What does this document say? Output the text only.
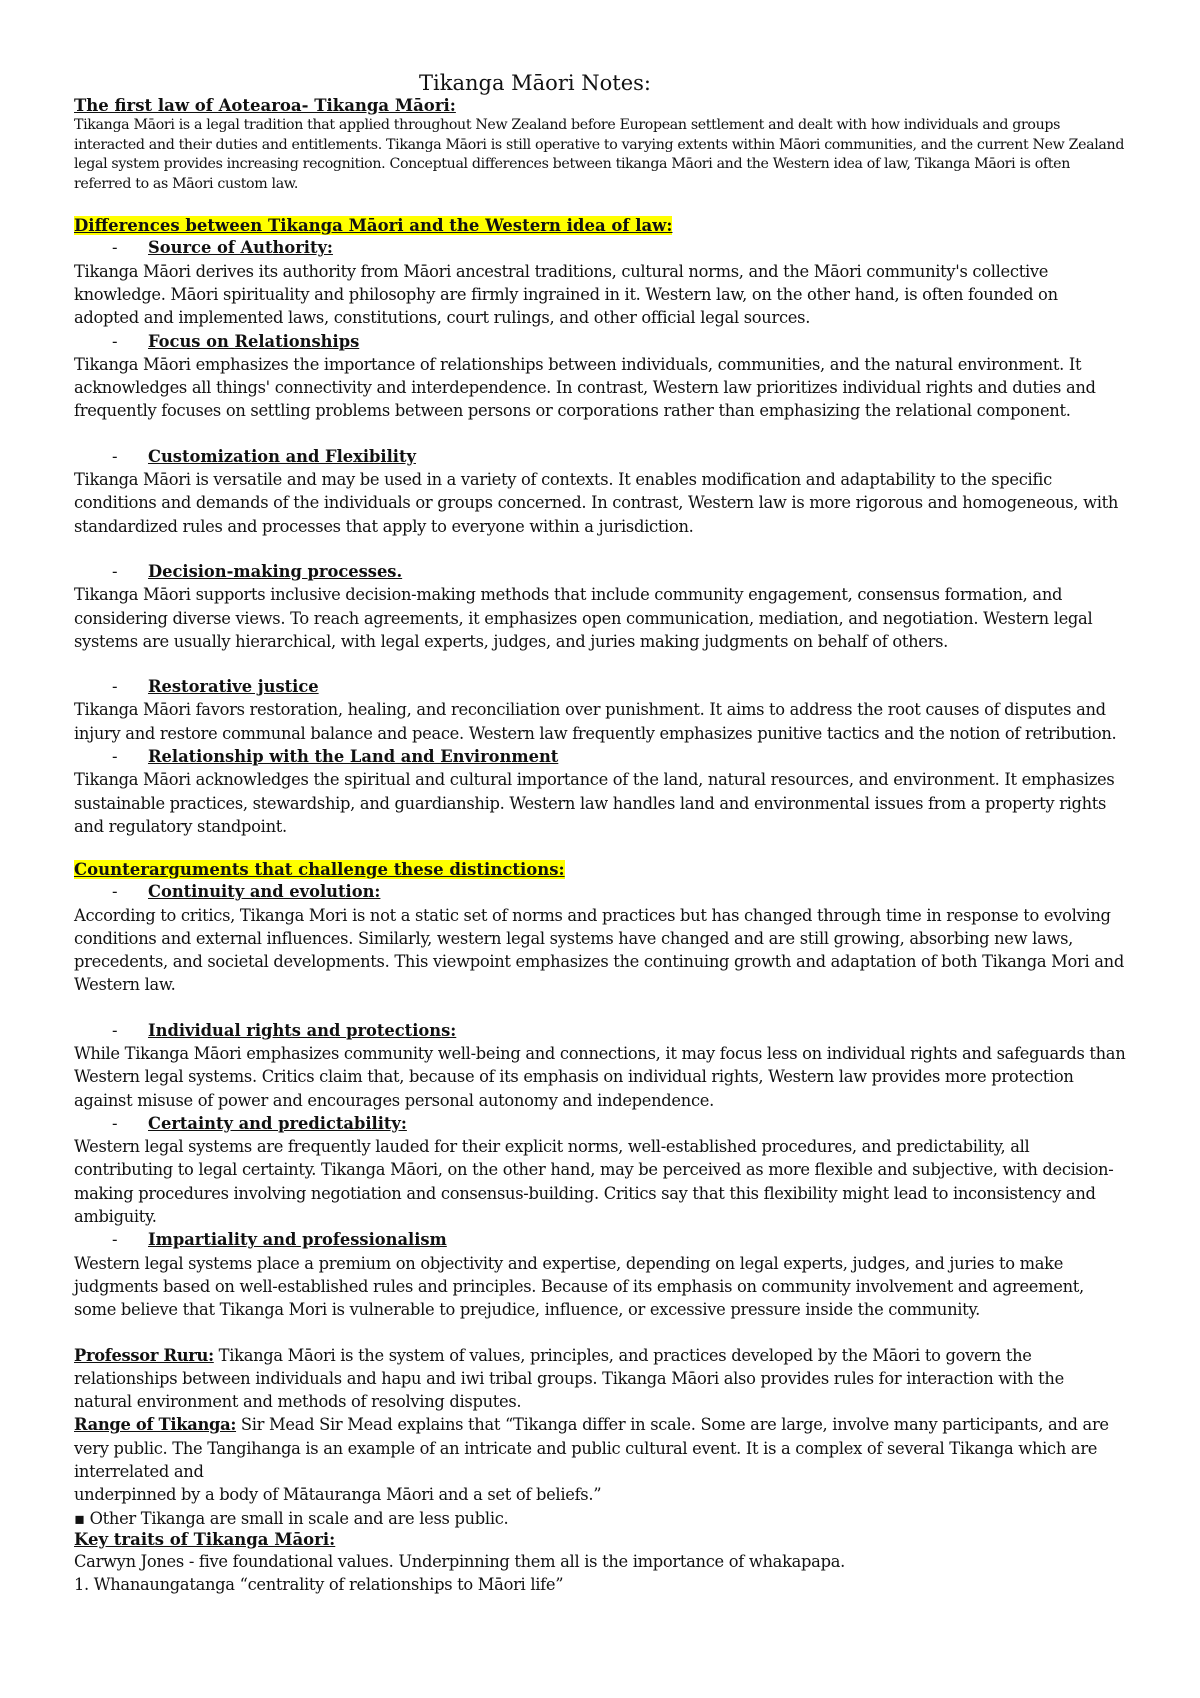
Tikanga Māori Notes:

The first law of Aotearoa- Tikanga Māori:

Tikanga Māori is a legal tradition that applied throughout New Zealand before European settlement and dealt with how individuals and groups interacted and their duties and entitlements. Tikanga Māori is still operative to varying extents within Māori communities, and the current New Zealand legal system provides increasing recognition. Conceptual differences between tikanga Māori and the Western idea of law, Tikanga Māori is often referred to as Māori custom law.

Differences between Tikanga Māori and the Western idea of law:

-	Source of Authority:

Tikanga Māori derives its authority from Māori ancestral traditions, cultural norms, and the Māori community's collective knowledge. Māori spirituality and philosophy are firmly ingrained in it. Western law, on the other hand, is often founded on adopted and implemented laws, constitutions, court rulings, and other official legal sources.

-	Focus on Relationships

Tikanga Māori emphasizes the importance of relationships between individuals, communities, and the natural environment. It acknowledges all things' connectivity and interdependence. In contrast, Western law prioritizes individual rights and duties and frequently focuses on settling problems between persons or corporations rather than emphasizing the relational component.

-	Customization and Flexibility

Tikanga Māori is versatile and may be used in a variety of contexts. It enables modification and adaptability to the specific conditions and demands of the individuals or groups concerned. In contrast, Western law is more rigorous and homogeneous, with standardized rules and processes that apply to everyone within a jurisdiction.

-	Decision-making processes.

Tikanga Māori supports inclusive decision-making methods that include community engagement, consensus formation, and considering diverse views. To reach agreements, it emphasizes open communication, mediation, and negotiation. Western legal systems are usually hierarchical, with legal experts, judges, and juries making judgments on behalf of others.

-	Restorative justice

Tikanga Māori favors restoration, healing, and reconciliation over punishment. It aims to address the root causes of disputes and injury and restore communal balance and peace. Western law frequently emphasizes punitive tactics and the notion of retribution.

-	Relationship with the Land and Environment

Tikanga Māori acknowledges the spiritual and cultural importance of the land, natural resources, and environment. It emphasizes sustainable practices, stewardship, and guardianship. Western law handles land and environmental issues from a property rights and regulatory standpoint.

Counterarguments that challenge these distinctions:

-	Continuity and evolution:

According to critics, Tikanga Mori is not a static set of norms and practices but has changed through time in response to evolving conditions and external influences. Similarly, western legal systems have changed and are still growing, absorbing new laws, precedents, and societal developments. This viewpoint emphasizes the continuing growth and adaptation of both Tikanga Mori and Western law.

-	Individual rights and protections:

While Tikanga Māori emphasizes community well-being and connections, it may focus less on individual rights and safeguards than Western legal systems. Critics claim that, because of its emphasis on individual rights, Western law provides more protection against misuse of power and encourages personal autonomy and independence.

-	Certainty and predictability:

Western legal systems are frequently lauded for their explicit norms, well-established procedures, and predictability, all contributing to legal certainty. Tikanga Māori, on the other hand, may be perceived as more flexible and subjective, with decision-making procedures involving negotiation and consensus-building. Critics say that this flexibility might lead to inconsistency and ambiguity.

-	Impartiality and professionalism

Western legal systems place a premium on objectivity and expertise, depending on legal experts, judges, and juries to make judgments based on well-established rules and principles. Because of its emphasis on community involvement and agreement, some believe that Tikanga Mori is vulnerable to prejudice, influence, or excessive pressure inside the community.

Professor Ruru: Tikanga Māori is the system of values, principles, and practices developed by the Māori to govern the relationships between individuals and hapu and iwi tribal groups. Tikanga Māori also provides rules for interaction with the natural environment and methods of resolving disputes.

Range of Tikanga: Sir Mead Sir Mead explains that “Tikanga differ in scale. Some are large, involve many participants, and are very public. The Tangihanga is an example of an intricate and public cultural event. It is a complex of several Tikanga which are interrelated and

underpinned by a body of Mātauranga Māori and a set of beliefs.”

▪ Other Tikanga are small in scale and are less public.

Key traits of Tikanga Māori:

Carwyn Jones - five foundational values. Underpinning them all is the importance of whakapapa.

1. Whanaungatanga “centrality of relationships to Māori life”
